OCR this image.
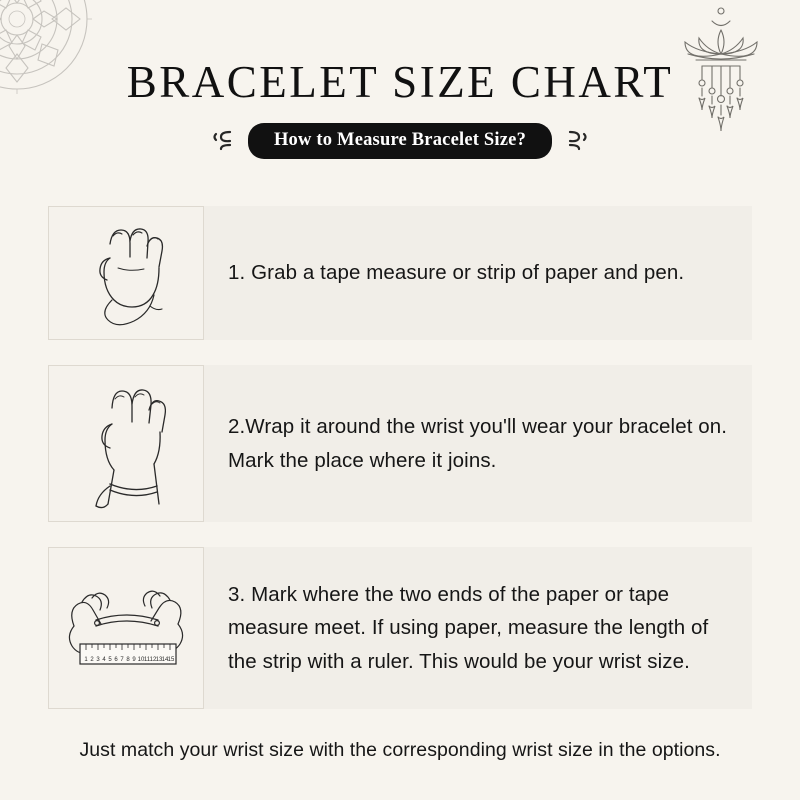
BRACELET SIZE CHART
How to Measure Bracelet Size?
1. Grab a tape measure or strip of paper and pen.
2.Wrap it around the wrist you'll wear your bracelet on. Mark the place where it joins.
1 2 3 4 5 6 7 8 9 10 11 12 13 14 15
3. Mark where the two ends of the paper or tape measure meet. If using paper, measure the length of the strip with a ruler. This would be your wrist size.
Just match your wrist size with the corresponding wrist size in the options.
